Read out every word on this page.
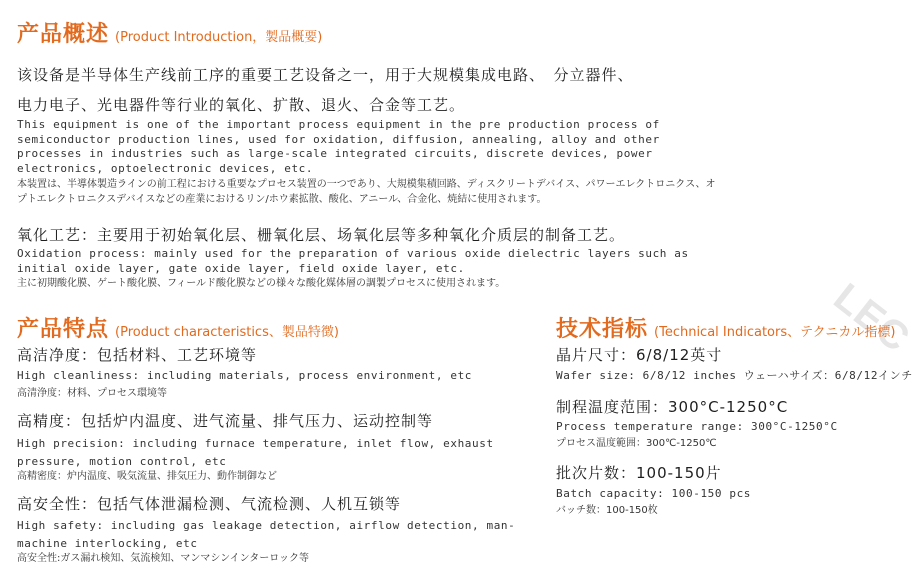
LEC
产品概述 (Product Introduction，製品概要)
该设备是半导体生产线前工序的重要工艺设备之一，用于大规模集成电路、　分立器件、
电力电子、光电器件等行业的氧化、扩散、退火、合金等工艺。
This equipment is one of the important process equipment in the pre production process of semiconductor production lines, used for oxidation, diffusion, annealing, alloy and other processes in industries such as large-scale integrated circuits, discrete devices, power electronics, optoelectronic devices, etc.
本装置は、半導体製造ラインの前工程における重要なプロセス装置の一つであり、大規模集積回路、ディスクリートデバイス、パワーエレクトロニクス、オプトエレクトロニクスデバイスなどの産業におけるリン/ホウ素拡散、酸化、アニール、合金化、焼結に使用されます。
氧化工艺：主要用于初始氧化层、栅氧化层、场氧化层等多种氧化介质层的制备工艺。
Oxidation process: mainly used for the preparation of various oxide dielectric layers such as initial oxide layer, gate oxide layer, field oxide layer, etc.
主に初期酸化膜、ゲート酸化膜、フィールド酸化膜などの様々な酸化媒体層の調製プロセスに使用されます。
产品特点 (Product characteristics、製品特徴)
高洁净度：包括材料、工艺环境等
High cleanliness: including materials, process environment, etc
高清浄度：材料、プロセス環境等
高精度：包括炉内温度、进气流量、排气压力、运动控制等
High precision: including furnace temperature, inlet flow, exhaust pressure, motion control, etc
高精密度：炉内温度、吸気流量、排気圧力、動作制御など
高安全性：包括气体泄漏检测、气流检测、人机互锁等
High safety: including gas leakage detection, airflow detection, man-machine interlocking, etc
高安全性:ガス漏れ検知、気流検知、マンマシンインターロック等
技术指标 (Technical Indicators、テクニカル指標)
晶片尺寸：6/8/12英寸
Wafer size: 6/8/12 inches ウェーハサイズ：6/8/12インチ
制程温度范围：300°C-1250°C
Process temperature range: 300°C-1250°C
プロセス温度範囲：300℃-1250℃
批次片数：100-150片
Batch capacity: 100-150 pcs
バッチ数：100-150枚
